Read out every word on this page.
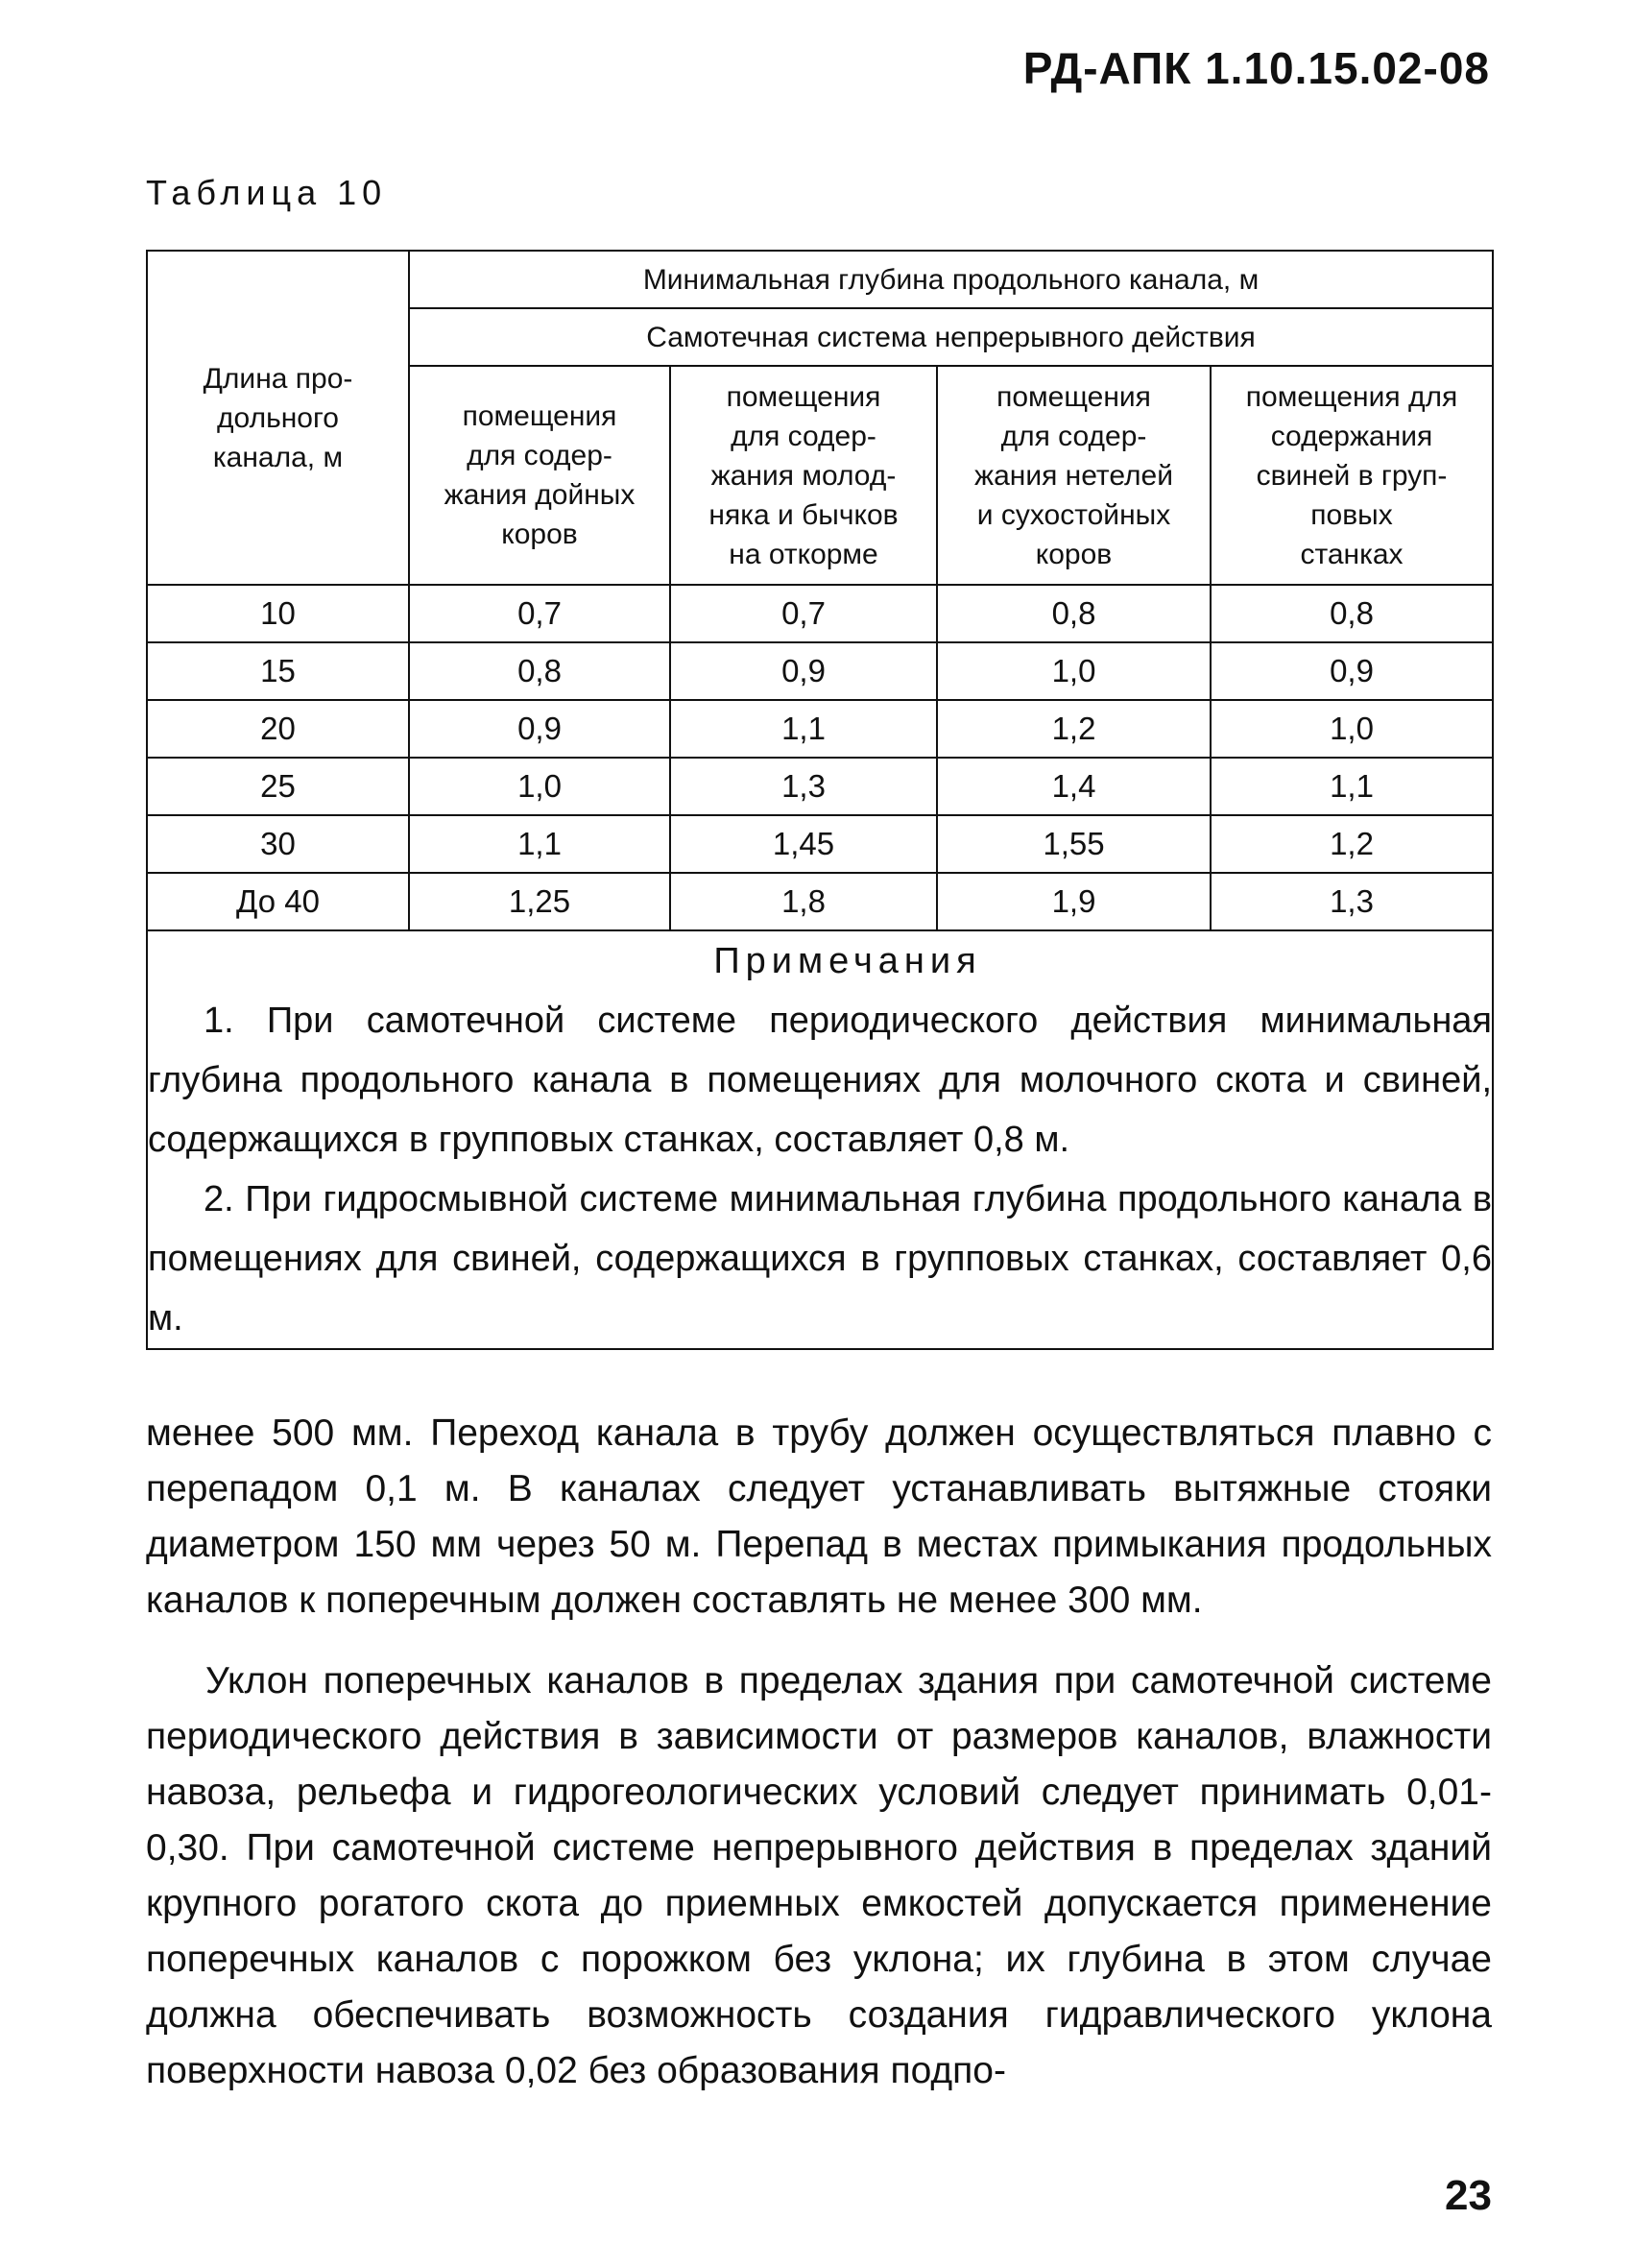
РД-АПК 1.10.15.02-08
Таблица 10
Длина про-
дольного
канала, м	Минимальная глубина продольного канала, м			
	Самотечная система непрерывного действия			
	помещения
для содер-
жания дойных
коров	помещения
для содер-
жания молод-
няка и бычков
на откорме	помещения
для содер-
жания нетелей
и сухостойных
коров	помещения для
содержания
свиней в груп-
повых
станках
10	0,7	0,7	0,8	0,8
15	0,8	0,9	1,0	0,9
20	0,9	1,1	1,2	1,0
25	1,0	1,3	1,4	1,1
30	1,1	1,45	1,55	1,2
До 40	1,25	1,8	1,9	1,3

Примечания

1. При самотечной системе периодического действия минимальная глубина продольного канала в помещениях для молочного скота и свиней, содержащихся в групповых станках, составляет 0,8 м.

2. При гидросмывной системе минимальная глубина продольного канала в помещениях для свиней, содержащихся в групповых станках, составляет 0,6 м.				

менее 500 мм. Переход канала в трубу должен осуществляться плавно с перепадом 0,1 м. В каналах следует устанавливать вытяжные стояки диаметром 150 мм через 50 м. Перепад в местах примыкания продольных каналов к поперечным должен составлять не менее 300 мм.

Уклон поперечных каналов в пределах здания при самотечной системе периодического действия в зависимости от размеров каналов, влажности навоза, рельефа и гидрогеологических условий следует принимать 0,01-0,30. При самотечной системе непрерывного действия в пределах зданий крупного рогатого скота до приемных емкостей допускается применение поперечных каналов с порожком без уклона; их глубина в этом случае должна обеспечивать возможность создания гидравлического уклона поверхности навоза 0,02 без образования подпо-

23
